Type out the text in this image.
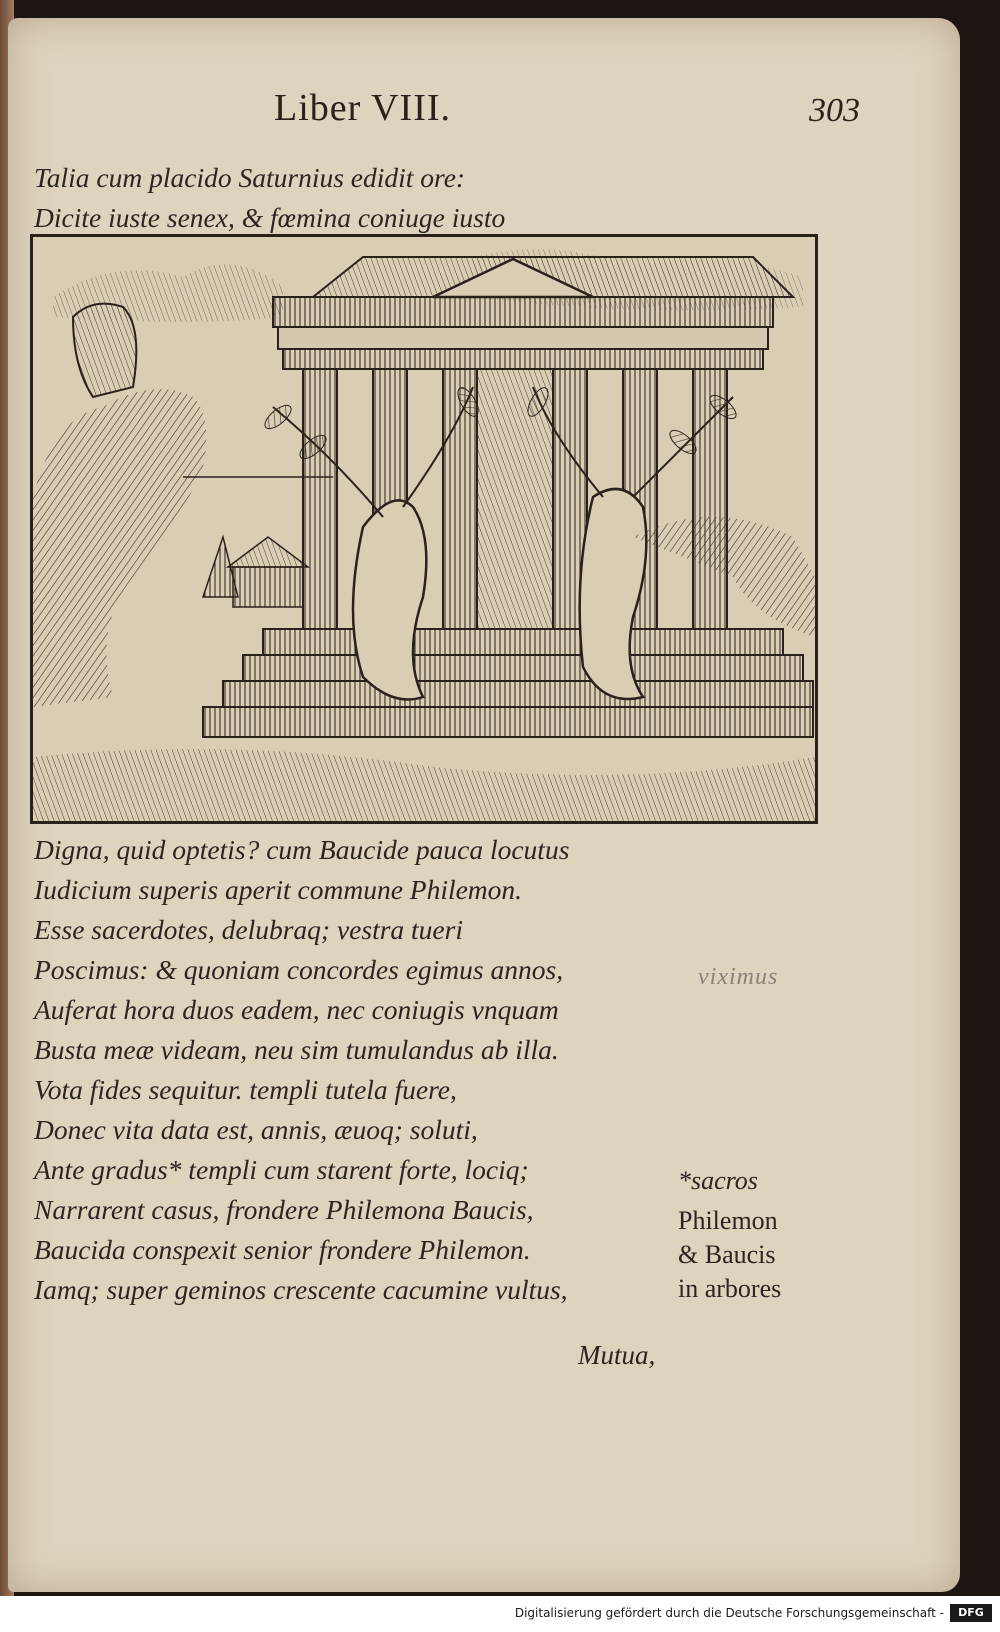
Liber VIII.	303

Talia cum placido Saturnius edidit ore:

Dicite iuste senex, & fœmina coniuge iusto

Digna, quid optetis? cum Baucide pauca locutus

Iudicium superis aperit commune Philemon.

Esse sacerdotes, delubraq; vestra tueri

Poscimus: & quoniam concordes egimus annos,

Auferat hora duos eadem, nec coniugis vnquam

Busta meæ videam, neu sim tumulandus ab illa.

Vota fides sequitur. templi tutela fuere,

Donec vita data est, annis, æuoq; soluti,

Ante gradus* templi cum starent forte, lociq;

Narrarent casus, frondere Philemona Baucis,

Baucida conspexit senior frondere Philemon.

Iamq; super geminos crescente cacumine vultus,

viximus

*sacros

Philemon

& Baucis

in arbores

Mutua,
Digitalisierung gefördert durch die Deutsche Forschungsgemeinschaft -	DFG
